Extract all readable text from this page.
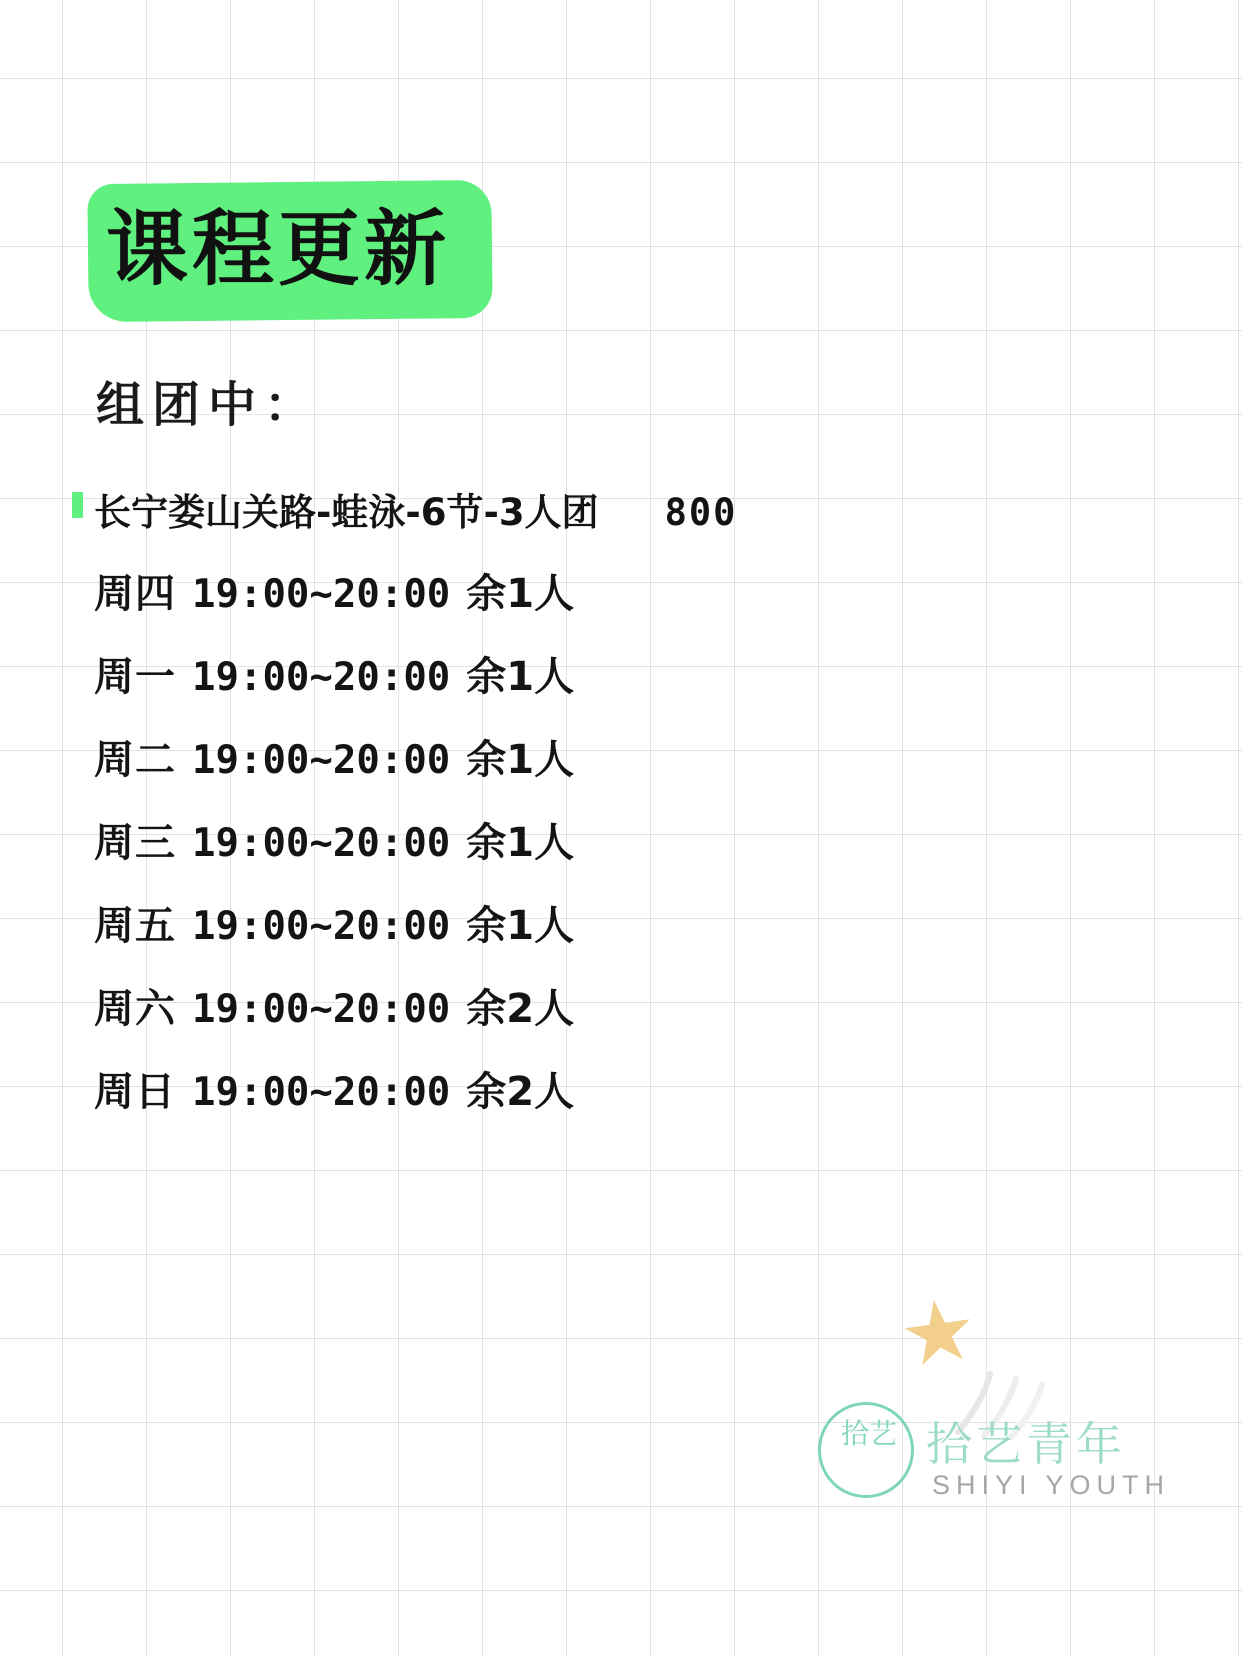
课程更新
组团中：
长宁娄山关路-蛙泳-6节-3人团 800
周四 19:00~20:00 余1人
周一 19:00~20:00 余1人
周二 19:00~20:00 余1人
周三 19:00~20:00 余1人
周五 19:00~20:00 余1人
周六 19:00~20:00 余2人
周日 19:00~20:00 余2人
★
拾艺 拾艺青年
SHIYI YOUTH
